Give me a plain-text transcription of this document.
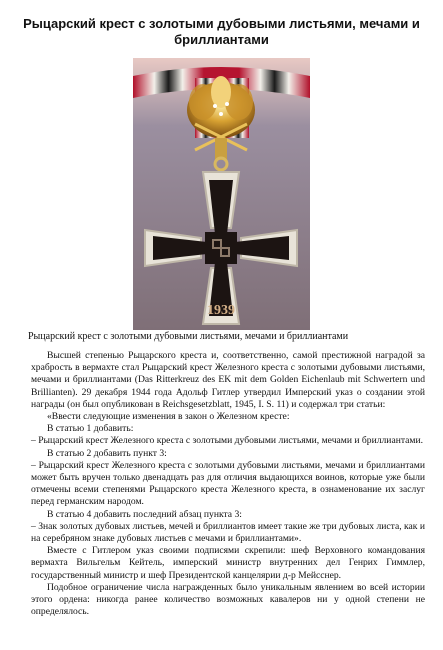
Рыцарский крест с золотыми дубовыми листьями, мечами и бриллиантами
1939
Рыцарский крест с золотыми дубовыми листьями, мечами и бриллиантами

Высшей степенью Рыцарского креста и, соответственно, самой престижной наградой за храбрость в вермахте стал Рыцарский крест Железного креста с золотыми дубовыми листьями, мечами и бриллиантами (Das Ritterkreuz des EK mit dem Golden Eichenlaub mit Schwertern und Brillianten). 29 декабря 1944 года Адольф Гитлер утвердил Имперский указ о создании этой награды (он был опубликован в Reichsgesetzblatt, 1945, I. S. 11) и содержал три статьи:

«Ввести следующие изменения в закон о Железном кресте:

В статью 1 добавить:

– Рыцарский крест Железного креста с золотыми дубовыми листьями, мечами и бриллиантами.

В статью 2 добавить пункт 3:

– Рыцарский крест Железного креста с золотыми дубовыми листьями, мечами и бриллиантами может быть вручен только двенадцать раз для отличия выдающихся воинов, которые уже были отмечены всеми степенями Рыцарского креста Железного креста, в ознаменование их заслуг перед германским народом.

В статью 4 добавить последний абзац пункта 3:

– Знак золотых дубовых листьев, мечей и бриллиантов имеет такие же три дубовых листа, как и на серебряном знаке дубовых листьев с мечами и бриллиантами».

Вместе с Гитлером указ своими подписями скрепили: шеф Верховного командования вермахта Вильгельм Кейтель, имперский министр внутренних дел Генрих Гиммлер, государственный министр и шеф Президентской канцелярии д-р Мейсснер.

Подобное ограничение числа награжденных было уникальным явлением во всей истории этого ордена: никогда ранее количество возможных кавалеров ни у одной степени не определялось.
